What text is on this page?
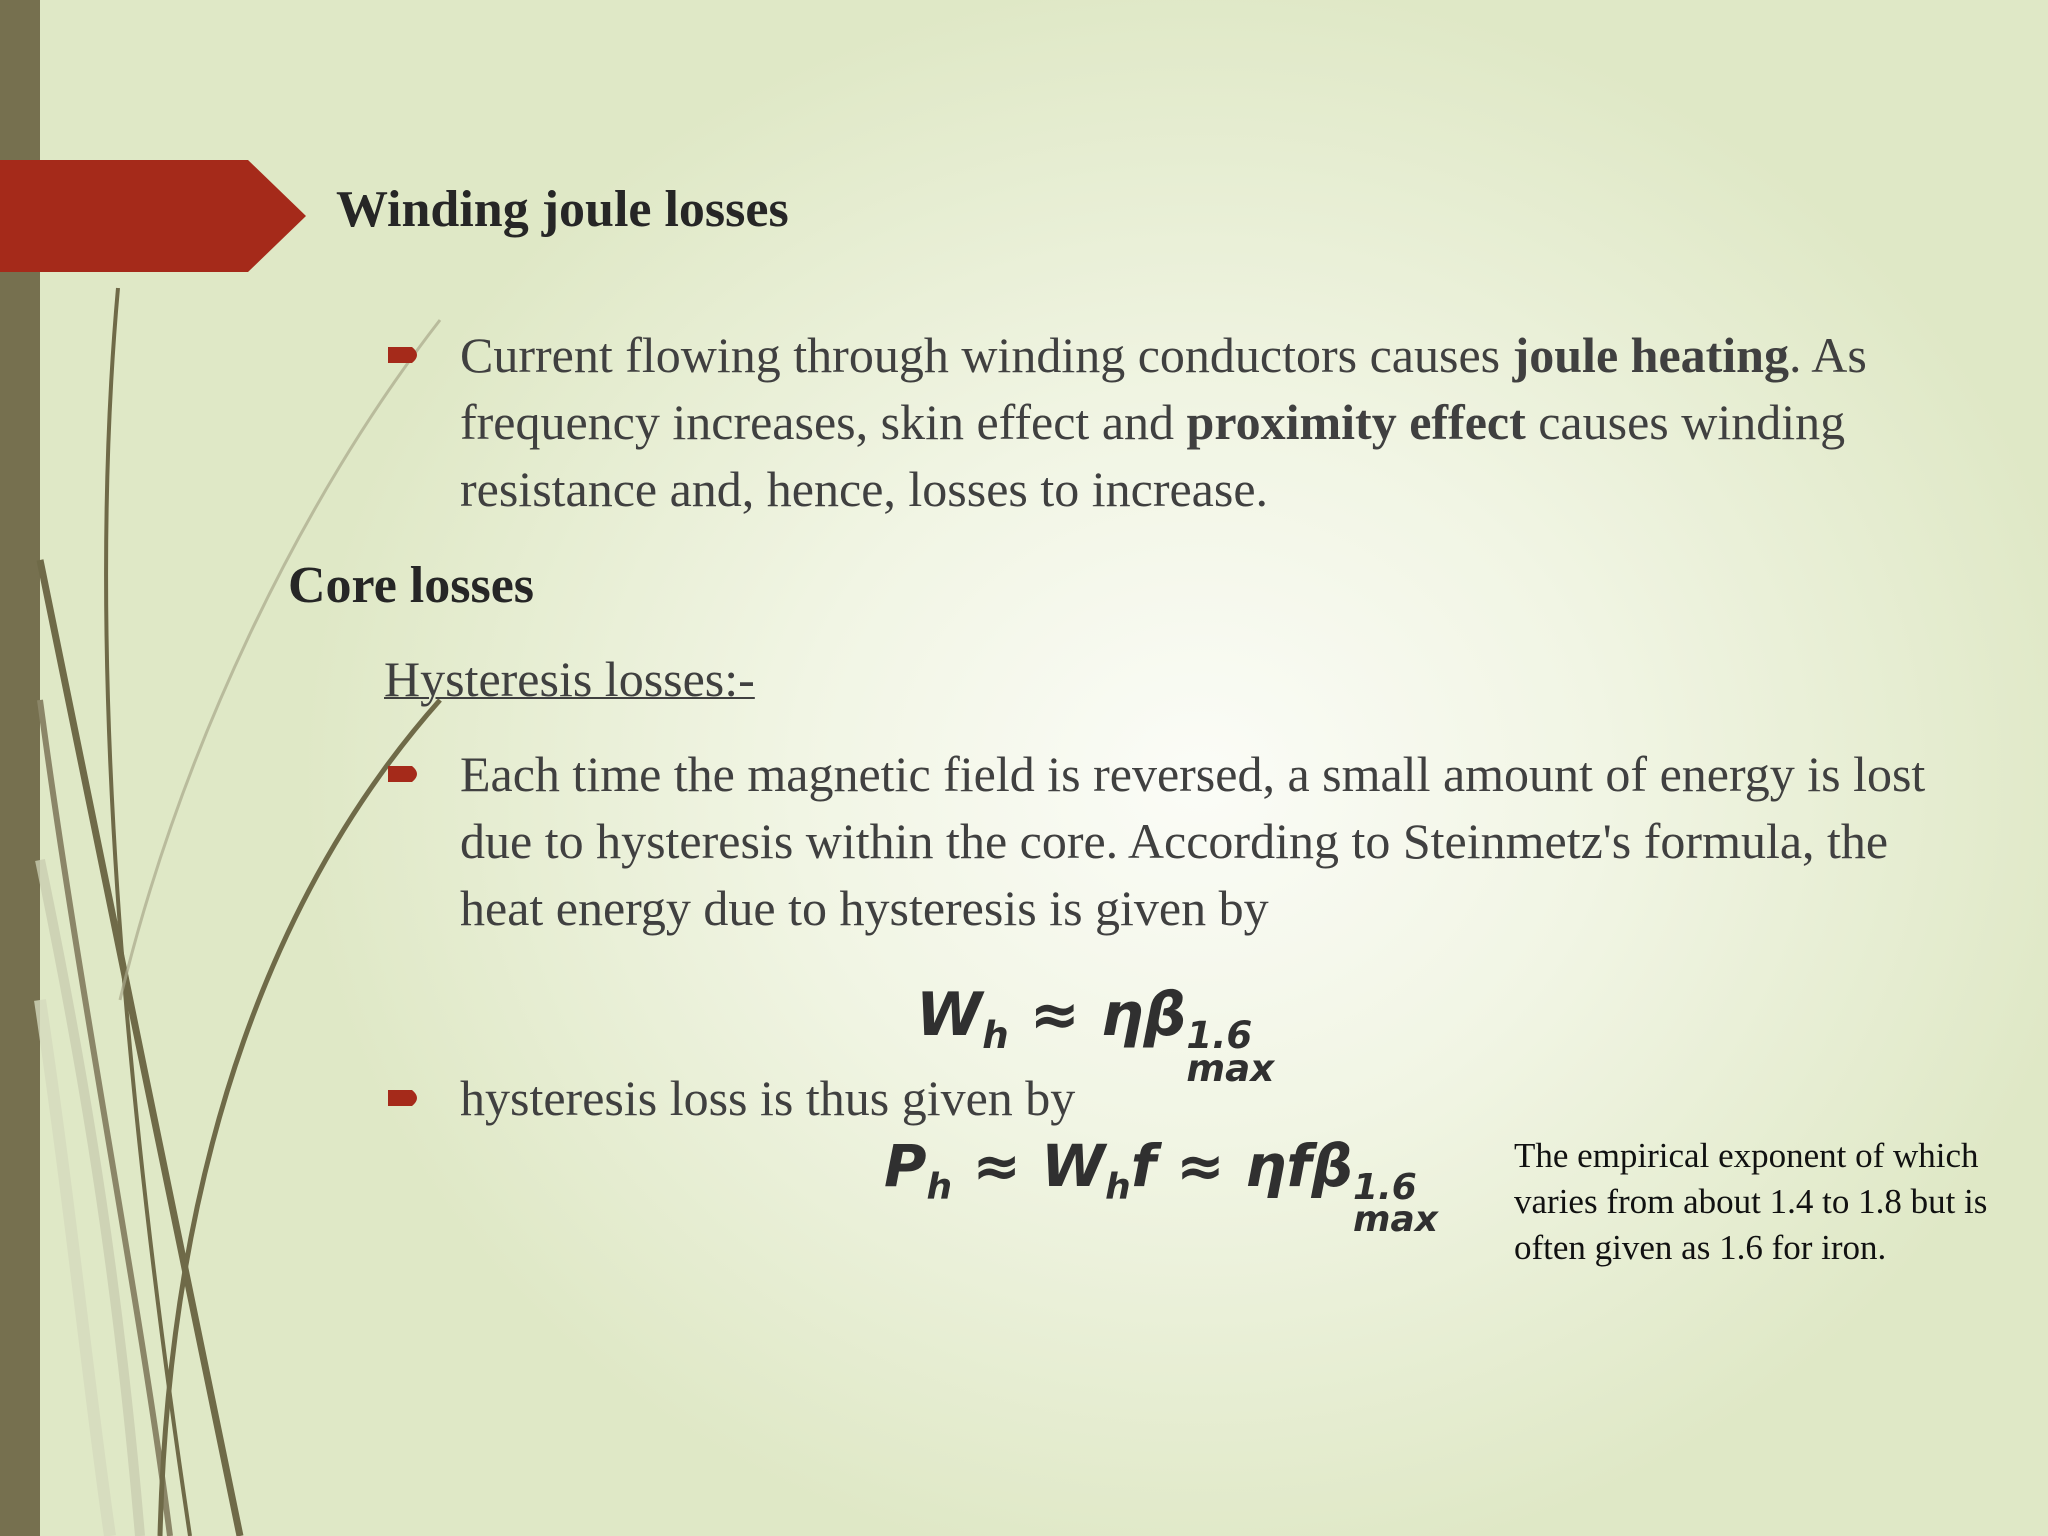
Winding joule losses
Current flowing through winding conductors causes joule heating. As frequency increases, skin effect and proximity effect causes winding resistance and, hence, losses to increase.
Core losses
Hysteresis losses:-
Each time the magnetic field is reversed, a small amount of energy is lost due to hysteresis within the core. According to Steinmetz's formula, the heat energy due to hysteresis is given by
$W_h \approx \eta\beta$ 1.6
max
hysteresis loss is thus given by
$P_h \approx W_hf \approx \eta f\beta$ 1.6
max
The empirical exponent of which varies from about 1.4 to 1.8 but is often given as 1.6 for iron.
